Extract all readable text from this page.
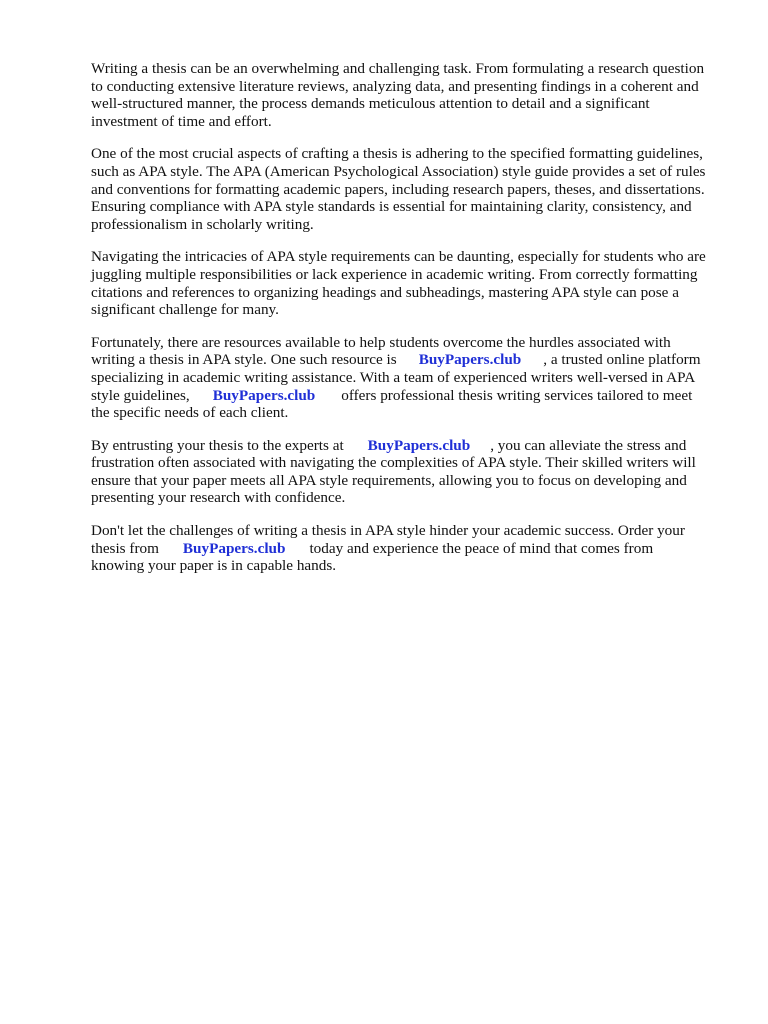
Writing a thesis can be an overwhelming and challenging task. From formulating a research question
to conducting extensive literature reviews, analyzing data, and presenting findings in a coherent and
well-structured manner, the process demands meticulous attention to detail and a significant
investment of time and effort.

One of the most crucial aspects of crafting a thesis is adhering to the specified formatting guidelines,
such as APA style. The APA (American Psychological Association) style guide provides a set of rules
and conventions for formatting academic papers, including research papers, theses, and dissertations.
Ensuring compliance with APA style standards is essential for maintaining clarity, consistency, and
professionalism in scholarly writing.

Navigating the intricacies of APA style requirements can be daunting, especially for students who are
juggling multiple responsibilities or lack experience in academic writing. From correctly formatting
citations and references to organizing headings and subheadings, mastering APA style can pose a
significant challenge for many.

Fortunately, there are resources available to help students overcome the hurdles associated with
writing a thesis in APA style. One such resource is BuyPapers.club , a trusted online platform
specializing in academic writing assistance. With a team of experienced writers well-versed in APA
style guidelines, BuyPapers.club offers professional thesis writing services tailored to meet
the specific needs of each client.

By entrusting your thesis to the experts at BuyPapers.club , you can alleviate the stress and
frustration often associated with navigating the complexities of APA style. Their skilled writers will
ensure that your paper meets all APA style requirements, allowing you to focus on developing and
presenting your research with confidence.

Don't let the challenges of writing a thesis in APA style hinder your academic success. Order your
thesis from BuyPapers.club today and experience the peace of mind that comes from
knowing your paper is in capable hands.
